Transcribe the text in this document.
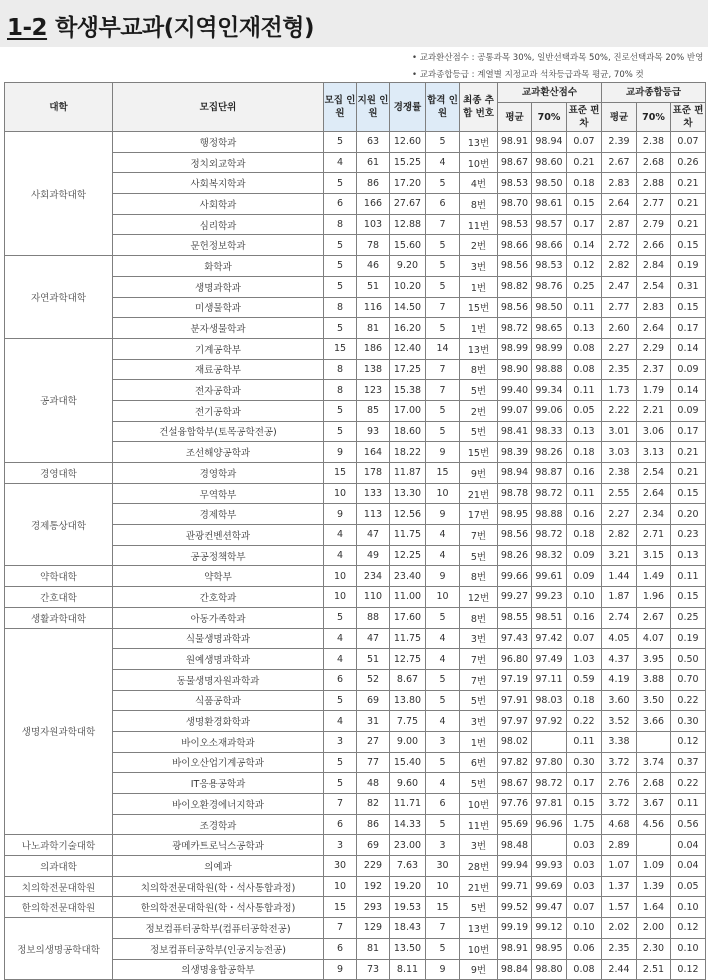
1-2 학생부교과(지역인재전형)
• 교과환산점수 : 공통과목 30%, 일반선택과목 50%, 진로선택과목 20% 반영
• 교과종합등급 : 계열별 지정교과 석차등급과목 평균, 70% 컷
대학	모집단위	모집 인원	지원 인원	경쟁률	합격 인원	최종 추합 번호	교과환산점수			교과종합등급		
							평균	70%	표준 편차	평균	70%	표준 편차
사회과학대학	행정학과	5	63	12.60	5	13번	98.91	98.94	0.07	2.39	2.38	0.07
	정치외교학과	4	61	15.25	4	10번	98.67	98.60	0.21	2.67	2.68	0.26
	사회복지학과	5	86	17.20	5	4번	98.53	98.50	0.18	2.83	2.88	0.21
	사회학과	6	166	27.67	6	8번	98.70	98.61	0.15	2.64	2.77	0.21
	심리학과	8	103	12.88	7	11번	98.53	98.57	0.17	2.87	2.79	0.21
	문헌정보학과	5	78	15.60	5	2번	98.66	98.66	0.14	2.72	2.66	0.15
자연과학대학	화학과	5	46	9.20	5	3번	98.56	98.53	0.12	2.82	2.84	0.19
	생명과학과	5	51	10.20	5	1번	98.82	98.76	0.25	2.47	2.54	0.31
	미생물학과	8	116	14.50	7	15번	98.56	98.50	0.11	2.77	2.83	0.15
	분자생물학과	5	81	16.20	5	1번	98.72	98.65	0.13	2.60	2.64	0.17
공과대학	기계공학부	15	186	12.40	14	13번	98.99	98.99	0.08	2.27	2.29	0.14
	재료공학부	8	138	17.25	7	8번	98.90	98.88	0.08	2.35	2.37	0.09
	전자공학과	8	123	15.38	7	5번	99.40	99.34	0.11	1.73	1.79	0.14
	전기공학과	5	85	17.00	5	2번	99.07	99.06	0.05	2.22	2.21	0.09
	건설융합학부(토목공학전공)	5	93	18.60	5	5번	98.41	98.33	0.13	3.01	3.06	0.17
	조선해양공학과	9	164	18.22	9	15번	98.39	98.26	0.18	3.03	3.13	0.21
경영대학	경영학과	15	178	11.87	15	9번	98.94	98.87	0.16	2.38	2.54	0.21
경제통상대학	무역학부	10	133	13.30	10	21번	98.78	98.72	0.11	2.55	2.64	0.15
	경제학부	9	113	12.56	9	17번	98.95	98.88	0.16	2.27	2.34	0.20
	관광컨벤션학과	4	47	11.75	4	7번	98.56	98.72	0.18	2.82	2.71	0.23
	공공정책학부	4	49	12.25	4	5번	98.26	98.32	0.09	3.21	3.15	0.13
약학대학	약학부	10	234	23.40	9	8번	99.66	99.61	0.09	1.44	1.49	0.11
간호대학	간호학과	10	110	11.00	10	12번	99.27	99.23	0.10	1.87	1.96	0.15
생활과학대학	아동가족학과	5	88	17.60	5	8번	98.55	98.51	0.16	2.74	2.67	0.25
생명자원과학대학	식물생명과학과	4	47	11.75	4	3번	97.43	97.42	0.07	4.05	4.07	0.19
	원예생명과학과	4	51	12.75	4	7번	96.80	97.49	1.03	4.37	3.95	0.50
	동물생명자원과학과	6	52	8.67	5	7번	97.19	97.11	0.59	4.19	3.88	0.70
	식품공학과	5	69	13.80	5	5번	97.91	98.03	0.18	3.60	3.50	0.22
	생명환경화학과	4	31	7.75	4	3번	97.97	97.92	0.22	3.52	3.66	0.30
	바이오소재과학과	3	27	9.00	3	1번	98.02		0.11	3.38		0.12
	바이오산업기계공학과	5	77	15.40	5	6번	97.82	97.80	0.30	3.72	3.74	0.37
	IT응용공학과	5	48	9.60	4	5번	98.67	98.72	0.17	2.76	2.68	0.22
	바이오환경에너지학과	7	82	11.71	6	10번	97.76	97.81	0.15	3.72	3.67	0.11
	조경학과	6	86	14.33	5	11번	95.69	96.96	1.75	4.68	4.56	0.56
나노과학기술대학	광메카트로닉스공학과	3	69	23.00	3	3번	98.48		0.03	2.89		0.04
의과대학	의예과	30	229	7.63	30	28번	99.94	99.93	0.03	1.07	1.09	0.04
치의학전문대학원	치의학전문대학원(학・석사통합과정)	10	192	19.20	10	21번	99.71	99.69	0.03	1.37	1.39	0.05
한의학전문대학원	한의학전문대학원(학・석사통합과정)	15	293	19.53	15	5번	99.52	99.47	0.07	1.57	1.64	0.10
정보의생명공학대학	정보컴퓨터공학부(컴퓨터공학전공)	7	129	18.43	7	13번	99.19	99.12	0.10	2.02	2.00	0.12
	정보컴퓨터공학부(인공지능전공)	6	81	13.50	5	10번	98.91	98.95	0.06	2.35	2.30	0.10
	의생명융합공학부	9	73	8.11	9	9번	98.84	98.80	0.08	2.44	2.51	0.12
